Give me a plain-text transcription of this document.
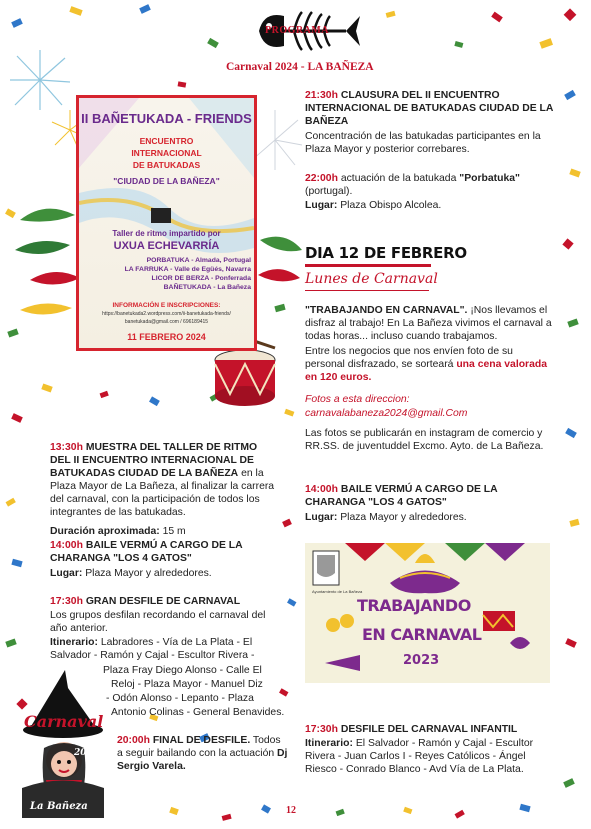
PROGRAMA
Carnaval 2024 - LA BAÑEZA
II BAÑETUKADA - FRIENDS
ENCUENTRO
INTERNACIONAL
DE BATUKADAS
"CIUDAD DE LA BAÑEZA"
Taller de ritmo impartido por
UXUA ECHEVARRÍA
PORBATUKA - Almada, Portugal
LA FARRUKA - Valle de Egüés, Navarra
LICOR DE BERZA - Ponferrada
BAÑETUKADA - La Bañeza
INFORMACIÓN E INSCRIPCIONES:
https://banetukada2.wordpress.com/ii-banetukada-friends/
banetukada@gmail.com / 696189415
11 FEBRERO 2024
13:30h MUESTRA DEL TALLER DE RITMO DEL II ENCUENTRO INTERNACIONAL DE BATUKADAS CIUDAD DE LA BAÑEZA en la Plaza Mayor de La Bañeza, al finalizar la carrera del carnaval, con la participación de todos los integrantes de las batukadas.
Duración aproximada: 15 m
14:00h BAILE VERMÚ A CARGO DE LA CHARANGA "LOS 4 GATOS"
Lugar: Plaza Mayor y alrededores.
17:30h GRAN DESFILE DE CARNAVAL
Los grupos desfilan recordando el carnaval del año anterior.
Itinerario: Labradores - Vía de La Plata - El Salvador - Ramón y Cajal - Escultor Rivera -
Plaza Fray Diego Alonso - Calle El
Reloj - Plaza Mayor - Manuel Diz
- Odón Alonso - Lepanto - Plaza
Antonio Colinas - General Benavides.
20:00h FINAL DE DESFILE. Todos a seguir bailando con la actuación Dj Sergio Varela.
Carnaval
2024
La Bañeza
21:30h CLAUSURA DEL II ENCUENTRO INTERNACIONAL DE BATUKADAS CIUDAD DE LA BAÑEZA
Concentración de las batukadas participantes en la Plaza Mayor y posterior correbares.
22:00h actuación de la batukada "Porbatuka" (portugal).
Lugar: Plaza Obispo Alcolea.
DIA 12 DE FEBRERO
Lunes de Carnaval
"TRABAJANDO EN CARNAVAL". ¡Nos llevamos el disfraz al trabajo! En La Bañeza vivimos el carnaval a todas horas... incluso cuando trabajamos.
Entre los negocios que nos envíen foto de su personal disfrazado, se sorteará una cena valorada en 120 euros.
Fotos a esta direccion:
carnavalabaneza2024@gmail.Com
Las fotos se publicarán en instagram de comercio y RR.SS. de juventuddel Excmo. Ayto. de La Bañeza.
14:00h BAILE VERMÚ A CARGO DE LA CHARANGA "LOS 4 GATOS"
Lugar: Plaza Mayor y alrededores.
Ayuntamiento de La Bañeza
TRABAJANDO
EN CARNAVAL
2023
17:30h DESFILE DEL CARNAVAL INFANTIL
Itinerario: El Salvador - Ramón y Cajal - Escultor Rivera - Juan Carlos I - Reyes Católicos - Ángel Riesco - Conrado Blanco - Avd Vía de La Plata.
12
